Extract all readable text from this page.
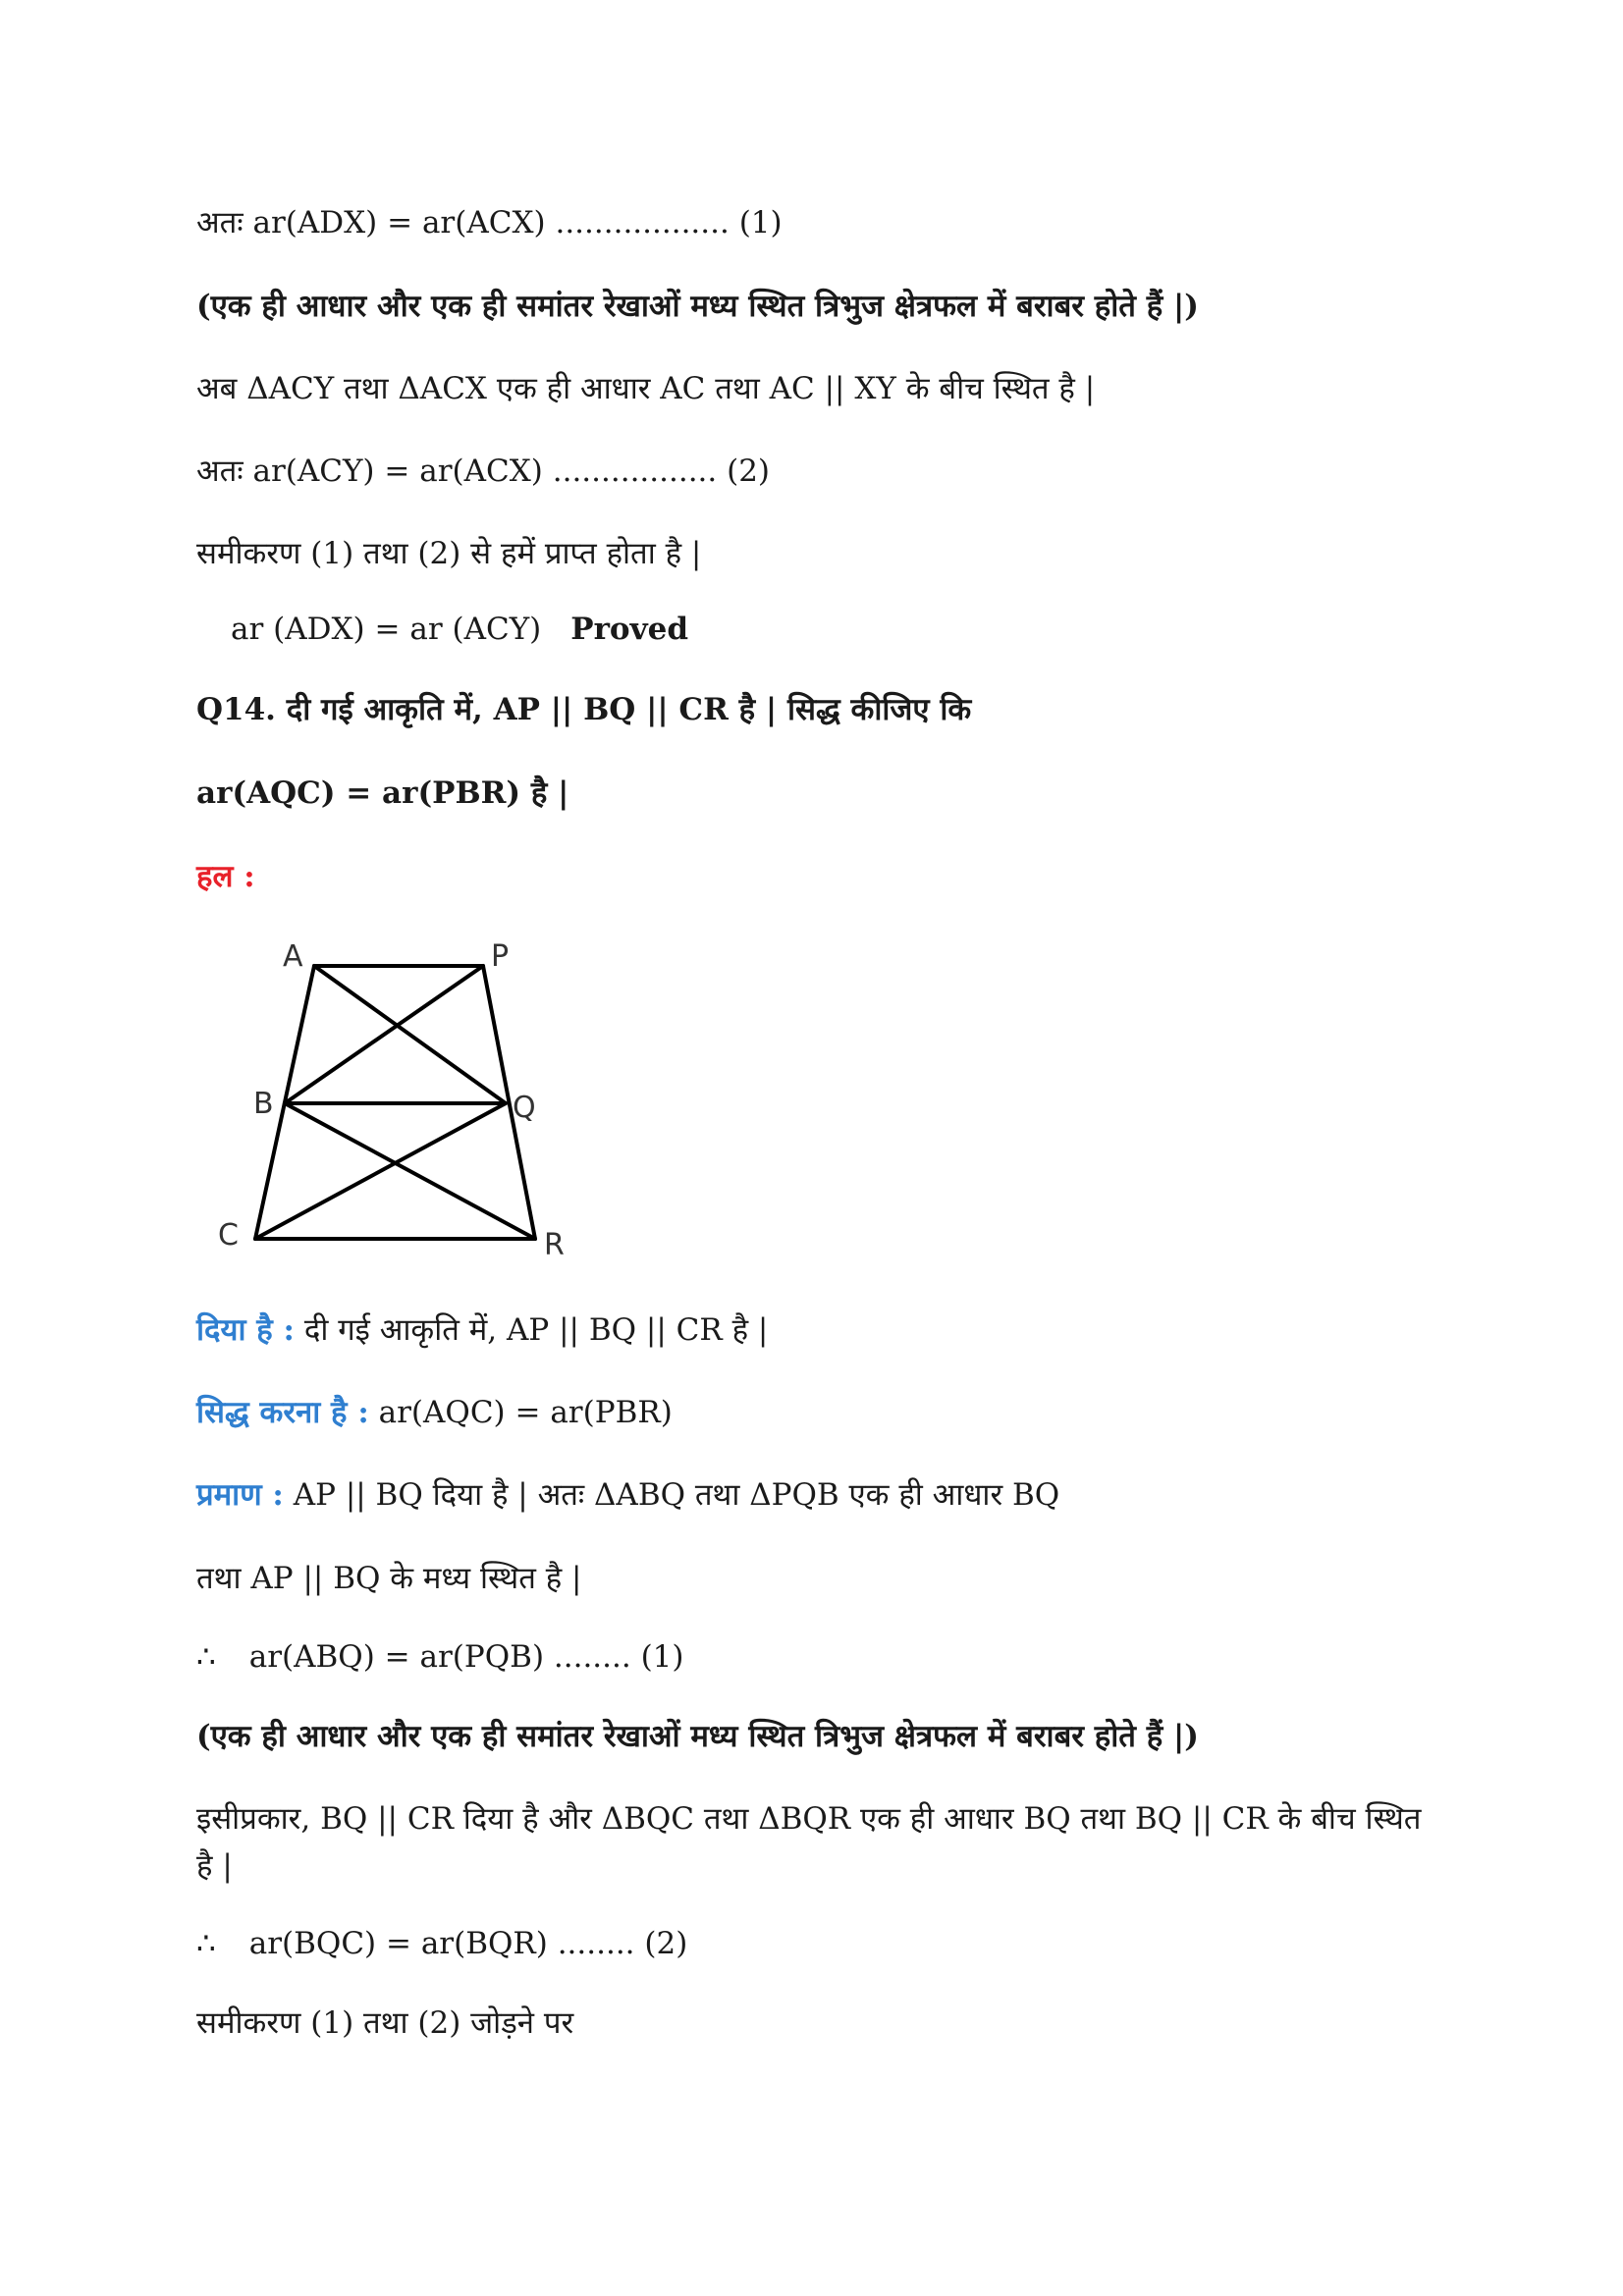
अतः ar(ADX) = ar(ACX) .................. (1)
(एक ही आधार और एक ही समांतर रेखाओं मध्य स्थित त्रिभुज क्षेत्रफल में बराबर होते हैं |)
अब ΔACY तथा ΔACX एक ही आधार AC तथा AC || XY के बीच स्थित है |
अतः ar(ACY) = ar(ACX) ................. (2)
समीकरण (1) तथा (2) से हमें प्राप्त होता है |
ar (ADX) = ar (ACY) Proved
Q14. दी गई आकृति में, AP || BQ || CR है | सिद्ध कीजिए कि
ar(AQC) = ar(PBR) है |
हल :
A	P
B	Q
C	R
दिया है : दी गई आकृति में, AP || BQ || CR है |
सिद्ध करना है : ar(AQC) = ar(PBR)
प्रमाण : AP || BQ दिया है | अतः ΔABQ तथा ΔPQB एक ही आधार BQ
तथा AP || BQ के मध्य स्थित है |
∴ ar(ABQ) = ar(PQB) ........ (1)
(एक ही आधार और एक ही समांतर रेखाओं मध्य स्थित त्रिभुज क्षेत्रफल में बराबर होते हैं |)
इसीप्रकार, BQ || CR दिया है और ΔBQC तथा ΔBQR एक ही आधार BQ तथा BQ || CR के बीच स्थित है |
∴ ar(BQC) = ar(BQR) ........ (2)
समीकरण (1) तथा (2) जोड़ने पर
